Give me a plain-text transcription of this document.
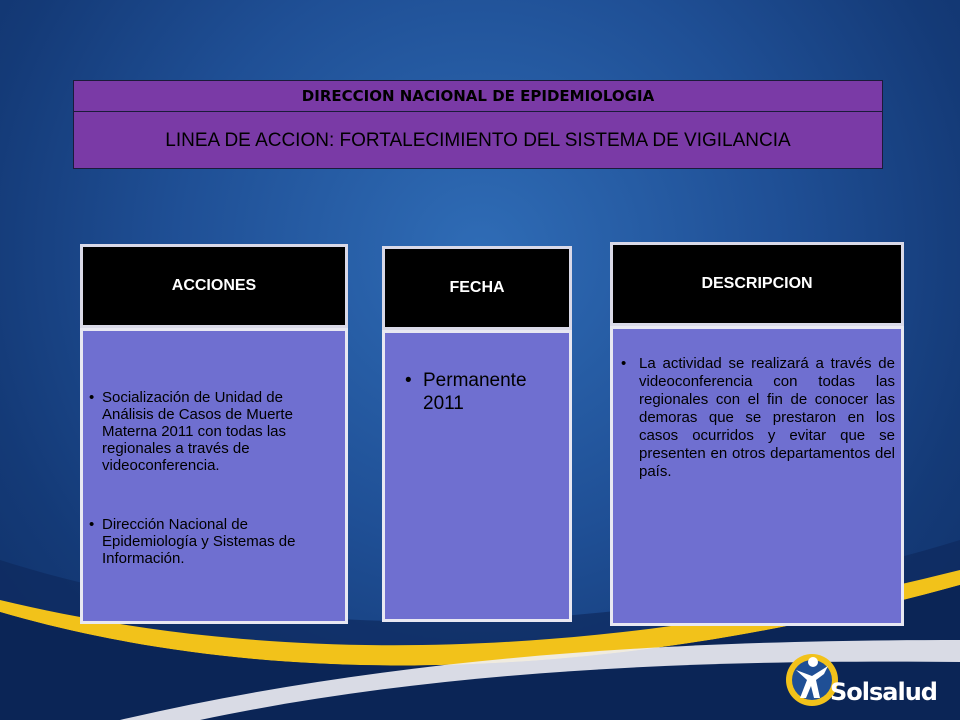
DIRECCION NACIONAL DE EPIDEMIOLOGIA
LINEA DE ACCION: FORTALECIMIENTO DEL SISTEMA DE VIGILANCIA
ACCIONES
• Socialización de Unidad de Análisis de Casos de Muerte Materna 2011 con todas las regionales a través de videoconferencia.
• Dirección Nacional de Epidemiología y Sistemas de Información.
FECHA
• Permanente 2011
DESCRIPCION
• La actividad se realizará a través de videoconferencia con todas las regionales con el fin de conocer las demoras que se prestaron en los casos ocurridos y evitar que se presenten en otros departamentos del país.
Solsalud
